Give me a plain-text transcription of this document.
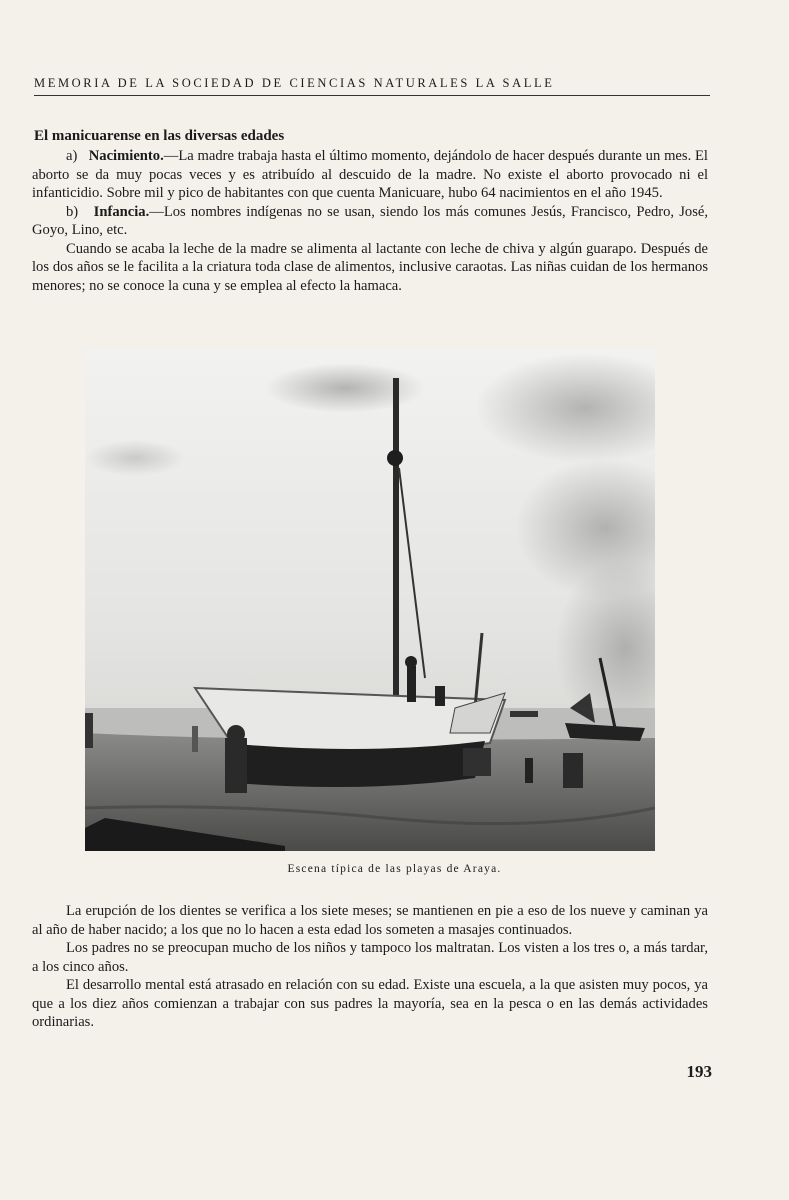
MEMORIA DE LA SOCIEDAD DE CIENCIAS NATURALES LA SALLE
El manicuarense en las diversas edades

a) Nacimiento.—La madre trabaja hasta el último momento, dejándolo de hacer después durante un mes. El aborto se da muy pocas veces y es atribuído al descuido de la madre. No existe el aborto provocado ni el infanticidio. Sobre mil y pico de habitantes con que cuenta Manicuare, hubo 64 nacimientos en el año 1945.

b) Infancia.—Los nombres indígenas no se usan, siendo los más comunes Jesús, Francisco, Pedro, José, Goyo, Lino, etc.

Cuando se acaba la leche de la madre se alimenta al lactante con leche de chiva y algún guarapo. Después de los dos años se le facilita a la criatura toda clase de alimentos, inclusive caraotas. Las niñas cuidan de los hermanos menores; no se conoce la cuna y se emplea al efecto la hamaca.

Escena típica de las playas de Araya.

La erupción de los dientes se verifica a los siete meses; se mantienen en pie a eso de los nueve y caminan ya al año de haber nacido; a los que no lo hacen a esta edad los someten a masajes continuados.

Los padres no se preocupan mucho de los niños y tampoco los maltratan. Los visten a los tres o, a más tardar, a los cinco años.

El desarrollo mental está atrasado en relación con su edad. Existe una escuela, a la que asisten muy pocos, ya que a los diez años comienzan a trabajar con sus padres la mayoría, sea en la pesca o en las demás actividades ordinarias.

193
